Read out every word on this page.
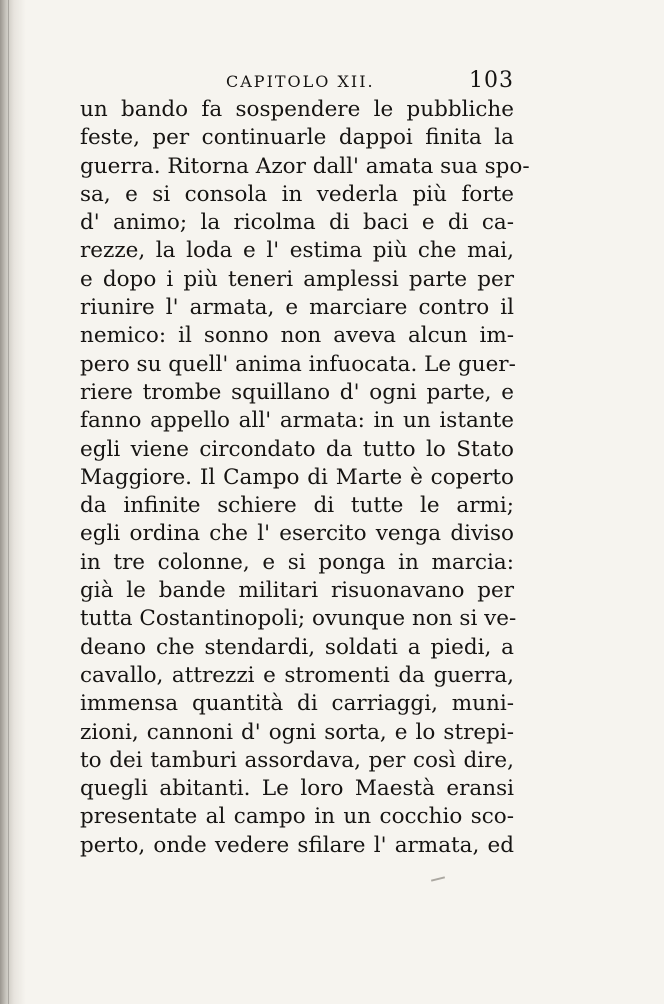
CAPITOLO XII.	103
un bando fa sospendere le pubbliche
feste, per continuarle dappoi finita la
guerra. Ritorna Azor dall' amata sua spo-
sa, e si consola in vederla più forte
d' animo; la ricolma di baci e di ca-
rezze, la loda e l' estima più che mai,
e dopo i più teneri amplessi parte per
riunire l' armata, e marciare contro il
nemico: il sonno non aveva alcun im-
pero su quell' anima infuocata. Le guer-
riere trombe squillano d' ogni parte, e
fanno appello all' armata: in un istante
egli viene circondato da tutto lo Stato
Maggiore. Il Campo di Marte è coperto
da infinite schiere di tutte le armi;
egli ordina che l' esercito venga diviso
in tre colonne, e si ponga in marcia:
già le bande militari risuonavano per
tutta Costantinopoli; ovunque non si ve-
deano che stendardi, soldati a piedi, a
cavallo, attrezzi e stromenti da guerra,
immensa quantità di carriaggi, muni-
zioni, cannoni d' ogni sorta, e lo strepi-
to dei tamburi assordava, per così dire,
quegli abitanti. Le loro Maestà eransi
presentate al campo in un cocchio sco-
perto, onde vedere sfilare l' armata, ed
